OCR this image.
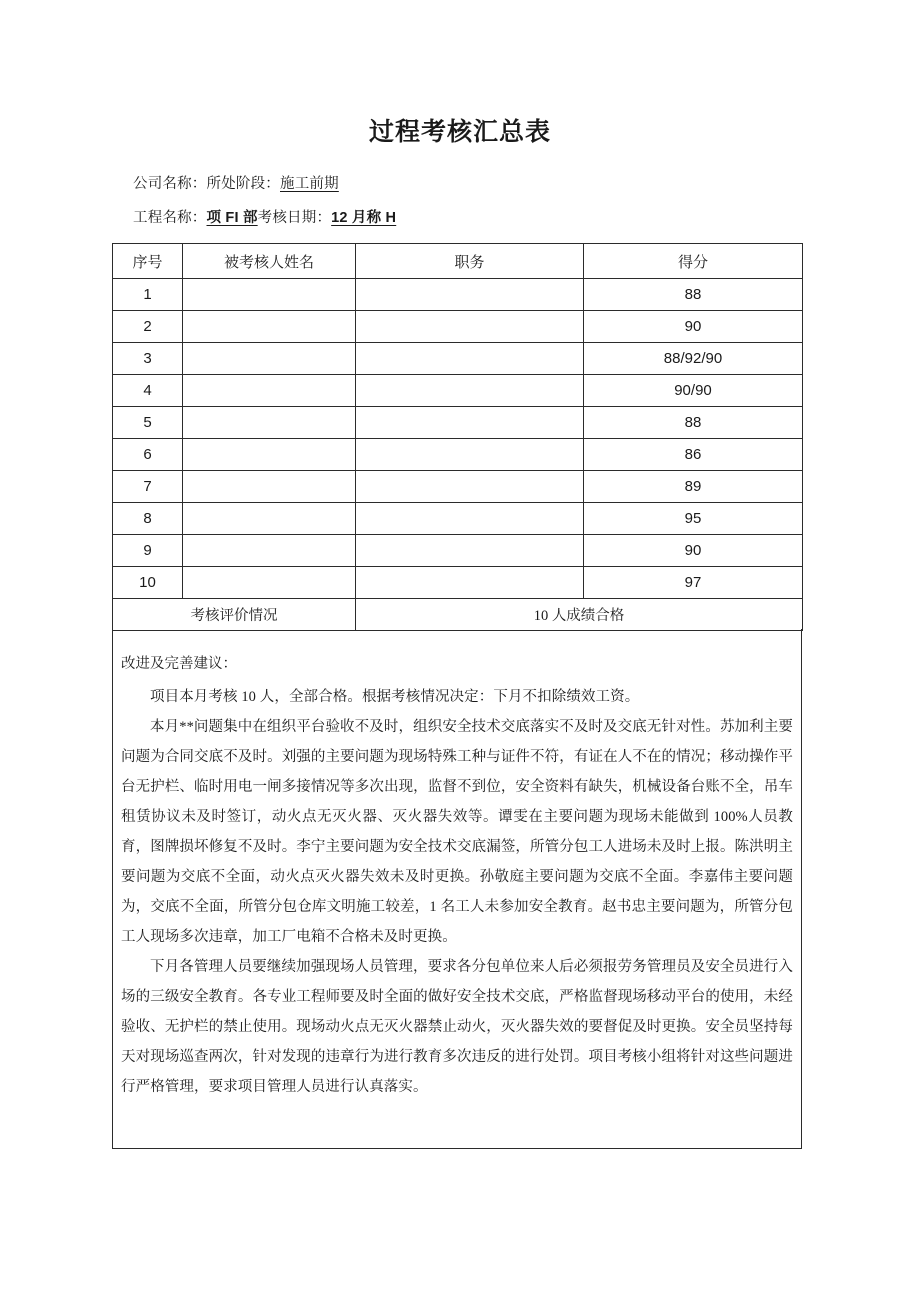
过程考核汇总表
公司名称：所处阶段：施工前期
工程名称：项 FI 部考核日期：12 月称 H
序号	被考核人姓名	职务	得分
1			88
2			90
3			88/92/90
4			90/90
5			88
6			86
7			89
8			95
9			90
10			97
考核评价情况		10 人成绩合格	

改进及完善建议：

项目本月考核 10 人，全部合格。根据考核情况决定：下月不扣除绩效工资。

本月**问题集中在组织平台验收不及时，组织安全技术交底落实不及时及交底无针对性。苏加利主要问题为合同交底不及时。刘强的主要问题为现场特殊工种与证件不符，有证在人不在的情况；移动操作平台无护栏、临时用电一闸多接情况等多次出现，监督不到位，安全资料有缺失，机械设备台账不全，吊车租赁协议未及时签订，动火点无灭火器、灭火器失效等。谭雯在主要问题为现场未能做到 100%人员教育，图牌损坏修复不及时。李宁主要问题为安全技术交底漏签，所管分包工人进场未及时上报。陈洪明主要问题为交底不全面，动火点灭火器失效未及时更换。孙敬庭主要问题为交底不全面。李嘉伟主要问题为，交底不全面，所管分包仓库文明施工较差，1 名工人未参加安全教育。赵书忠主要问题为，所管分包工人现场多次违章，加工厂电箱不合格未及时更换。

下月各管理人员要继续加强现场人员管理，要求各分包单位来人后必须报劳务管理员及安全员进行入场的三级安全教育。各专业工程师要及时全面的做好安全技术交底，严格监督现场移动平台的使用，未经验收、无护栏的禁止使用。现场动火点无灭火器禁止动火，灭火器失效的要督促及时更换。安全员坚持每天对现场巡查两次，针对发现的违章行为进行教育多次违反的进行处罚。项目考核小组将针对这些问题进行严格管理，要求项目管理人员进行认真落实。
